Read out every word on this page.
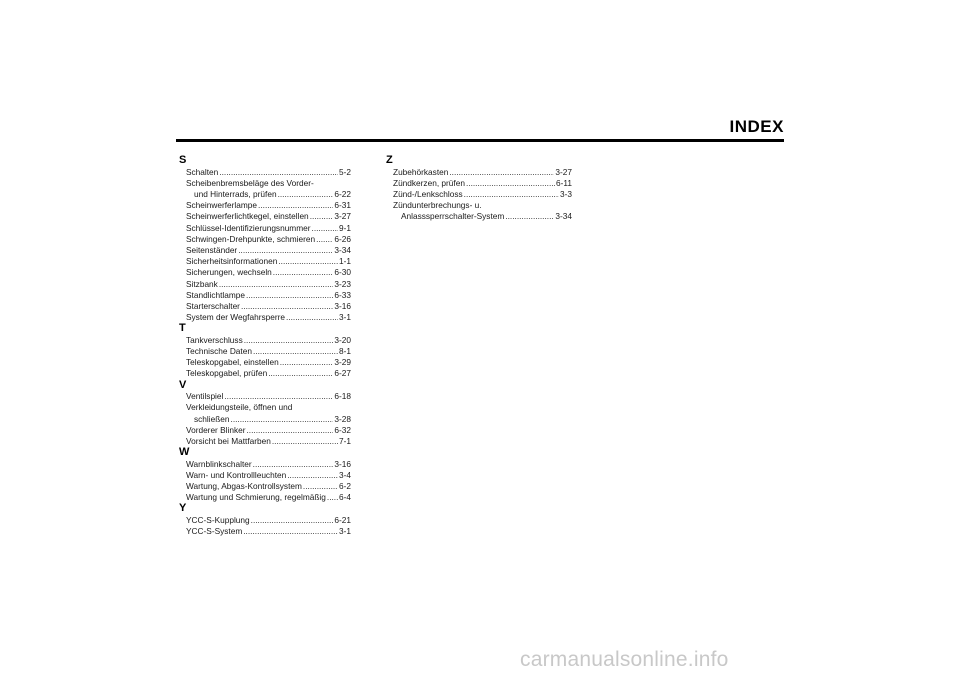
INDEX
S
Schalten .....	5-2
Scheibenbremsbeläge des Vorder-
und Hinterrads, prüfen .....	6-22
Scheinwerferlampe .....	6-31
Scheinwerferlichtkegel, einstellen .....	3-27
Schlüssel-Identifizierungsnummer .....	9-1
Schwingen-Drehpunkte, schmieren ..... 6-26
Seitenständer .....	3-34
Sicherheitsinformationen .....	1-1
Sicherungen, wechseln .....	6-30
Sitzbank .....	3-23
Standlichtlampe .....	6-33
Starterschalter .....	3-16
System der Wegfahrsperre .....	3-1
T
Tankverschluss .....	3-20
Technische Daten .....	8-1
Teleskopgabel, einstellen .....	3-29
Teleskopgabel, prüfen .....	6-27
V
Ventilspiel .....	6-18
Verkleidungsteile, öffnen und
schließen .....	3-28
Vorderer Blinker .....	6-32
Vorsicht bei Mattfarben .....	7-1
W
Warnblinkschalter .....	3-16
Warn- und Kontrollleuchten .....	3-4
Wartung, Abgas-Kontrollsystem .....	6-2
Wartung und Schmierung, regelmäßig ..... 6-4
Y
YCC-S-Kupplung .....	6-21
YCC-S-System .....	3-1
Z
Zubehörkasten .....	3-27
Zündkerzen, prüfen .....	6-11
Zünd-/Lenkschloss .....	3-3
Zündunterbrechungs- u.
Anlasssperrschalter-System .....	3-34
carmanualsonline.info
